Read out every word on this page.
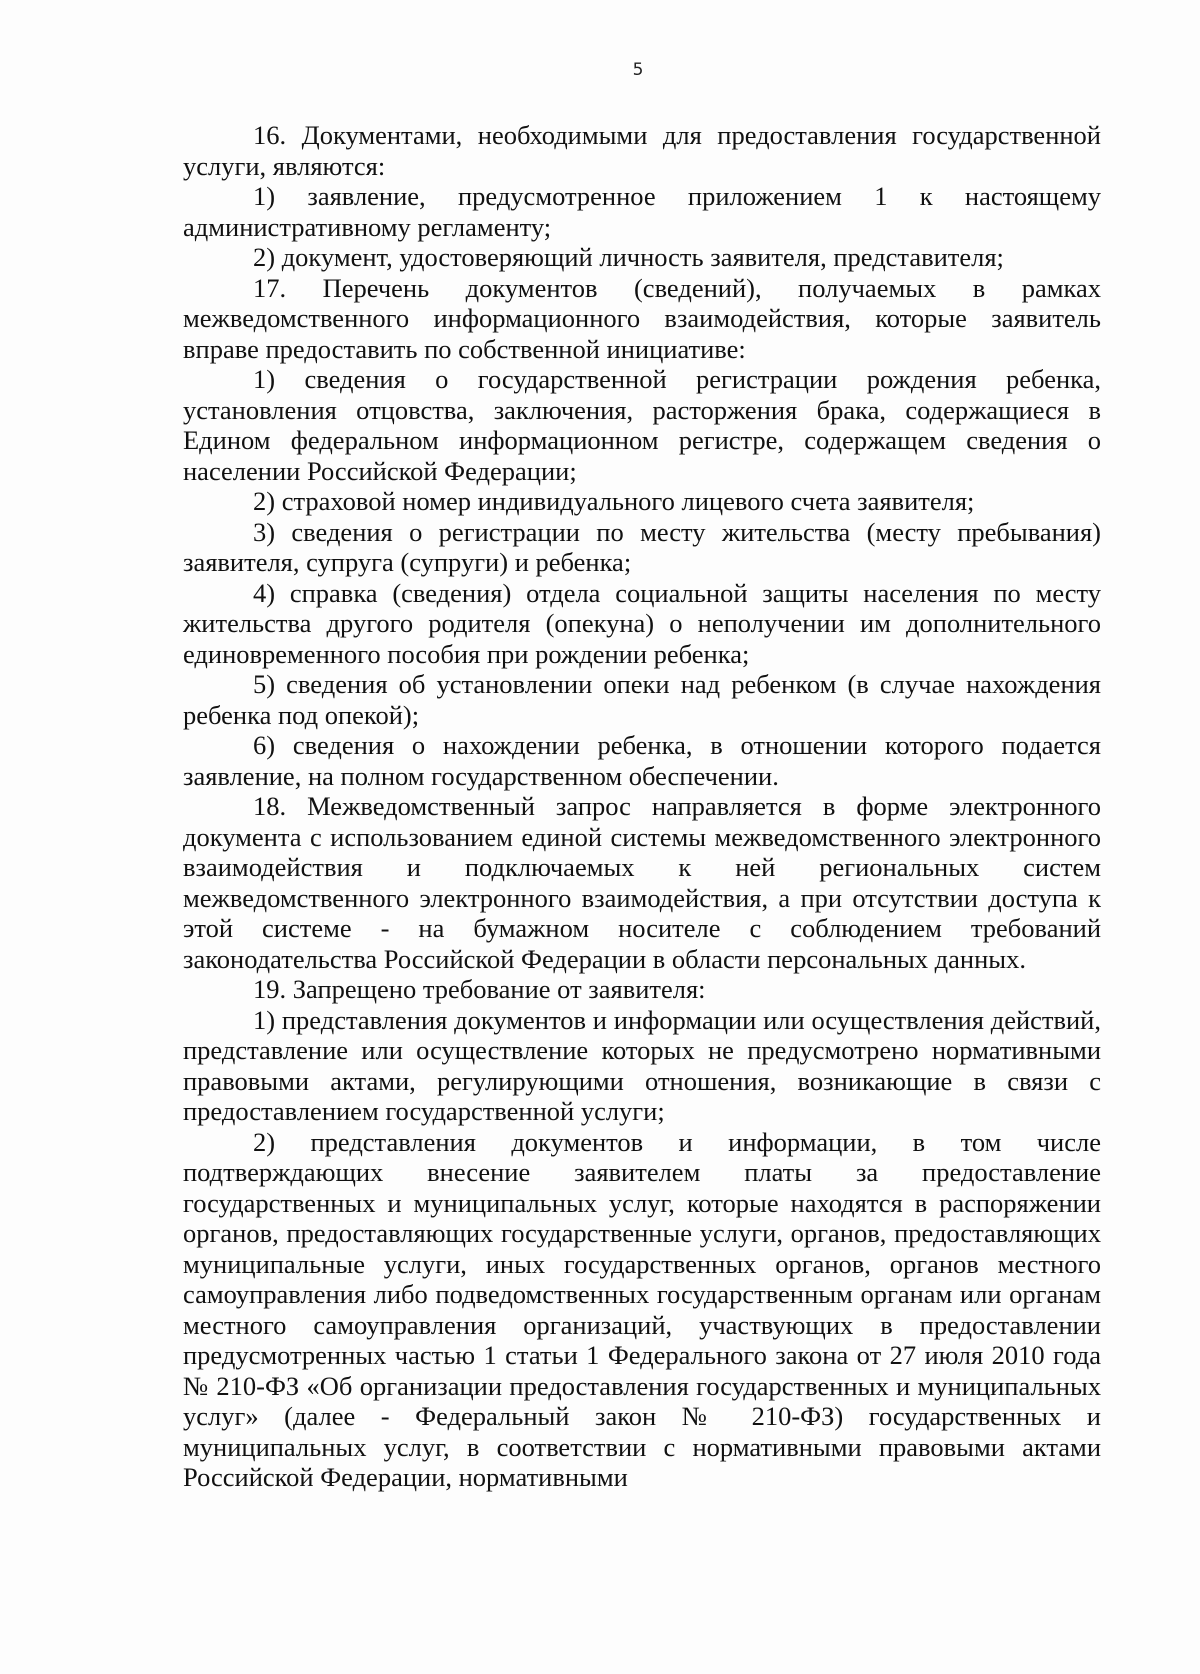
5

16. Документами, необходимыми для предоставления государственной услуги, являются:

1) заявление, предусмотренное приложением 1 к настоящему административному регламенту;

2) документ, удостоверяющий личность заявителя, представителя;

17. Перечень документов (сведений), получаемых в рамках межведомственного информационного взаимодействия, которые заявитель вправе предоставить по собственной инициативе:

1) сведения о государственной регистрации рождения ребенка, установления отцовства, заключения, расторжения брака, содержащиеся в Едином федеральном информационном регистре, содержащем сведения о населении Российской Федерации;

2) страховой номер индивидуального лицевого счета заявителя;

3) сведения о регистрации по месту жительства (месту пребывания) заявителя, супруга (супруги) и ребенка;

4) справка (сведения) отдела социальной защиты населения по месту жительства другого родителя (опекуна) о неполучении им дополнительного единовременного пособия при рождении ребенка;

5) сведения об установлении опеки над ребенком (в случае нахождения ребенка под опекой);

6) сведения о нахождении ребенка, в отношении которого подается заявление, на полном государственном обеспечении.

18. Межведомственный запрос направляется в форме электронного документа с использованием единой системы межведомственного электронного взаимодействия и подключаемых к ней региональных систем межведомственного электронного взаимодействия, а при отсутствии доступа к этой системе - на бумажном носителе с соблюдением требований законодательства Российской Федерации в области персональных данных.

19. Запрещено требование от заявителя:

1) представления документов и информации или осуществления действий, представление или осуществление которых не предусмотрено нормативными правовыми актами, регулирующими отношения, возникающие в связи с предоставлением государственной услуги;

2) представления документов и информации, в том числе подтверждающих внесение заявителем платы за предоставление государственных и муниципальных услуг, которые находятся в распоряжении органов, предоставляющих государственные услуги, органов, предоставляющих муниципальные услуги, иных государственных органов, органов местного самоуправления либо подведомственных государственным органам или органам местного самоуправления организаций, участвующих в предоставлении предусмотренных частью 1 статьи 1 Федерального закона от 27 июля 2010 года № 210-ФЗ «Об организации предоставления государственных и муниципальных услуг» (далее - Федеральный закон № 210-ФЗ) государственных и муниципальных услуг, в соответствии с нормативными правовыми актами Российской Федерации, нормативными
